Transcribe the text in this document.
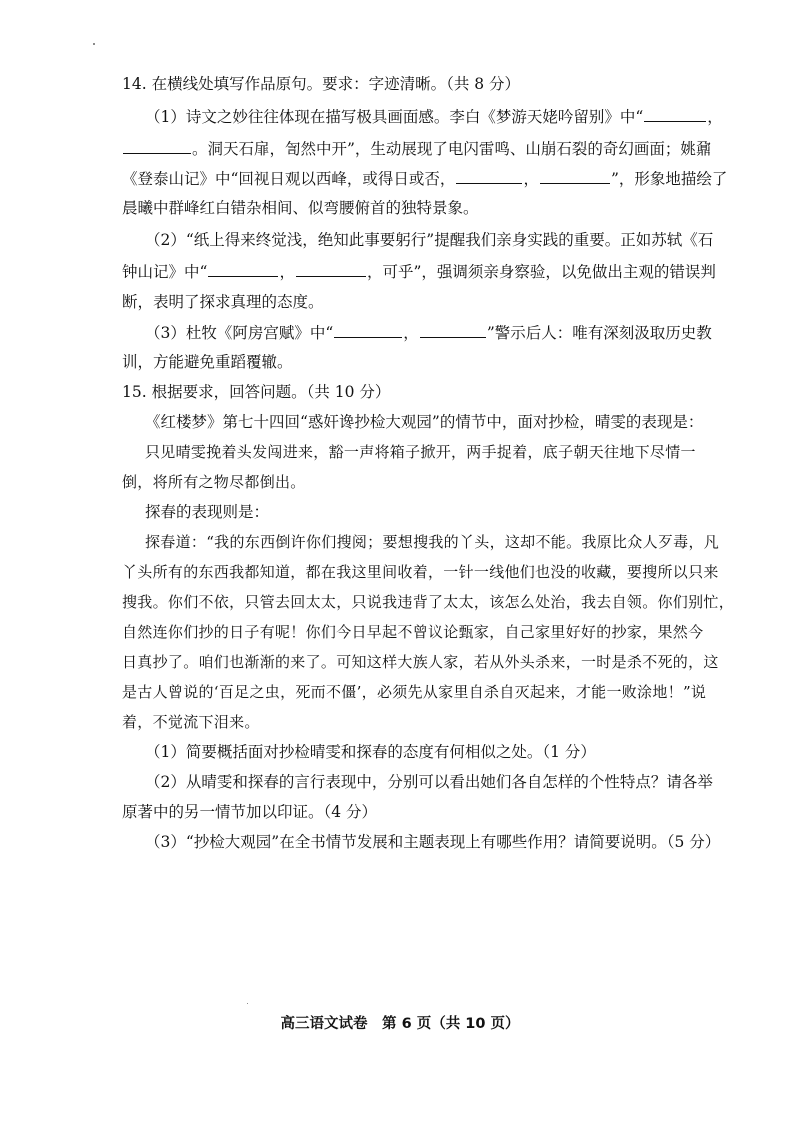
14. 在横线处填写作品原句。要求：字迹清晰。（共 8 分）
（1）诗文之妙往往体现在描写极具画面感。李白《梦游天姥吟留别》中“	，
。洞天石扉，訇然中开”，生动展现了电闪雷鸣、山崩石裂的奇幻画面；姚鼐
《登泰山记》中“回视日观以西峰，或得日或否，	，	”，形象地描绘了
晨曦中群峰红白错杂相间、似弯腰俯首的独特景象。
（2）“纸上得来终觉浅，绝知此事要躬行”提醒我们亲身实践的重要。正如苏轼《石
钟山记》中“	，	，可乎”，强调须亲身察验，以免做出主观的错误判
断，表明了探求真理的态度。
（3）杜牧《阿房宫赋》中“	，	”警示后人：唯有深刻汲取历史教
训，方能避免重蹈覆辙。
15. 根据要求，回答问题。（共 10 分）
《红楼梦》第七十四回“惑奸谗抄检大观园”的情节中，面对抄检，晴雯的表现是：
只见晴雯挽着头发闯进来，豁一声将箱子掀开，两手捉着，底子朝天往地下尽情一
倒，将所有之物尽都倒出。
探春的表现则是：
探春道：“我的东西倒许你们搜阅；要想搜我的丫头，这却不能。我原比众人歹毒，凡
丫头所有的东西我都知道，都在我这里间收着，一针一线他们也没的收藏，要搜所以只来
搜我。你们不依，只管去回太太，只说我违背了太太，该怎么处治，我去自领。你们别忙，
自然连你们抄的日子有呢！你们今日早起不曾议论甄家，自己家里好好的抄家，果然今
日真抄了。咱们也渐渐的来了。可知这样大族人家，若从外头杀来，一时是杀不死的，这
是古人曾说的‘百足之虫，死而不僵’，必须先从家里自杀自灭起来，才能一败涂地！”说
着，不觉流下泪来。
（1）简要概括面对抄检晴雯和探春的态度有何相似之处。（1 分）
（2）从晴雯和探春的言行表现中，分别可以看出她们各自怎样的个性特点？请各举
原著中的另一情节加以印证。（4 分）
（3）“抄检大观园”在全书情节发展和主题表现上有哪些作用？请简要说明。（5 分）
高三语文试卷　第 6 页（共 10 页）
